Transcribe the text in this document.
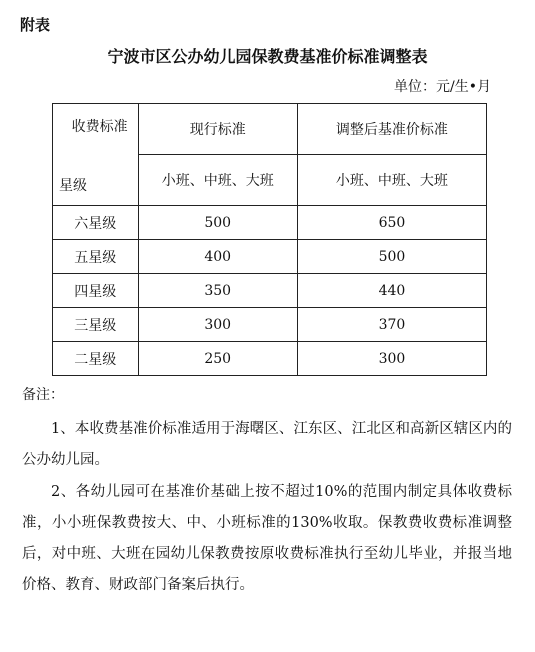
附表
宁波市区公办幼儿园保教费基准价标准调整表
单位：元/生•月
收费标准
星级	现行标准	调整后基准价标准
	小班、中班、大班	小班、中班、大班
六星级	500	650
五星级	400	500
四星级	350	440
三星级	300	370
二星级	250	300
备注：
1、本收费基准价标准适用于海曙区、江东区、江北区和高新区辖区内的公办幼儿园。
2、各幼儿园可在基准价基础上按不超过10%的范围内制定具体收费标准，小小班保教费按大、中、小班标准的130%收取。保教费收费标准调整后，对中班、大班在园幼儿保教费按原收费标准执行至幼儿毕业，并报当地价格、教育、财政部门备案后执行。
